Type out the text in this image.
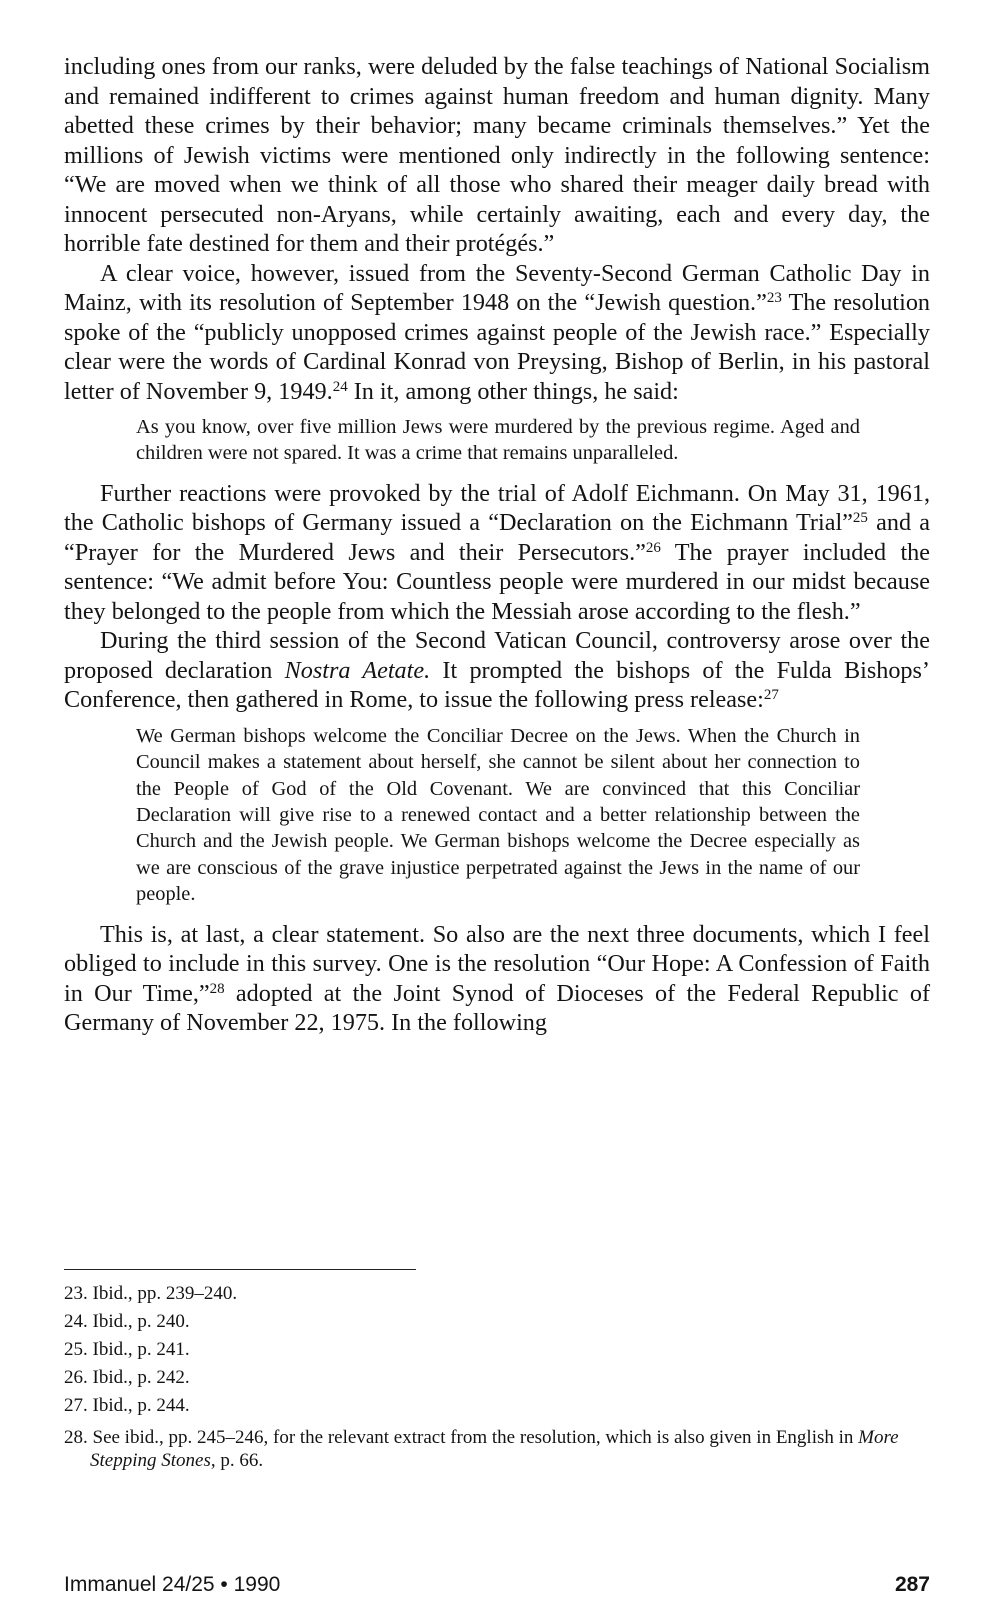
including ones from our ranks, were deluded by the false teachings of National Socialism and remained indifferent to crimes against human freedom and human dignity. Many abetted these crimes by their behavior; many became criminals themselves.” Yet the millions of Jewish victims were mentioned only indirectly in the following sentence: “We are moved when we think of all those who shared their meager daily bread with innocent persecuted non-Aryans, while certainly awaiting, each and every day, the horrible fate destined for them and their protégés.”

A clear voice, however, issued from the Seventy-Second German Catholic Day in Mainz, with its resolution of September 1948 on the “Jewish question.”$^{23}$ The resolution spoke of the “publicly unopposed crimes against people of the Jewish race.” Especially clear were the words of Cardinal Konrad von Preysing, Bishop of Berlin, in his pastoral letter of November 9, 1949.24 In it, among other things, he said:

As you know, over five million Jews were murdered by the previous regime. Aged and children were not spared. It was a crime that remains unparalleled.

Further reactions were provoked by the trial of Adolf Eichmann. On May 31, 1961, the Catholic bishops of Germany issued a “Declaration on the Eichmann Trial”$^{25}$ and a “Prayer for the Murdered Jews and their Persecutors.”$^{26}$ The prayer included the sentence: “We admit before You: Countless people were murdered in our midst because they belonged to the people from which the Messiah arose according to the flesh.”

During the third session of the Second Vatican Council, controversy arose over the proposed declaration Nostra Aetate. It prompted the bishops of the Fulda Bishops’ Conference, then gathered in Rome, to issue the following press release:$^{27}$

We German bishops welcome the Conciliar Decree on the Jews. When the Church in Council makes a statement about herself, she cannot be silent about her connection to the People of God of the Old Covenant. We are convinced that this Conciliar Declaration will give rise to a renewed contact and a better relationship between the Church and the Jewish people. We German bishops welcome the Decree especially as we are conscious of the grave injustice perpetrated against the Jews in the name of our people.

This is, at last, a clear statement. So also are the next three documents, which I feel obliged to include in this survey. One is the resolution “Our Hope: A Confession of Faith in Our Time,”$^{28}$ adopted at the Joint Synod of Dioceses of the Federal Republic of Germany of November 22, 1975. In the following

23. Ibid., pp. 239–240.

24. Ibid., p. 240.

25. Ibid., p. 241.

26. Ibid., p. 242.

27. Ibid., p. 244.

28. See ibid., pp. 245–246, for the relevant extract from the resolution, which is also given in English in More Stepping Stones, p. 66.

Immanuel 24/25 • 1990	287
